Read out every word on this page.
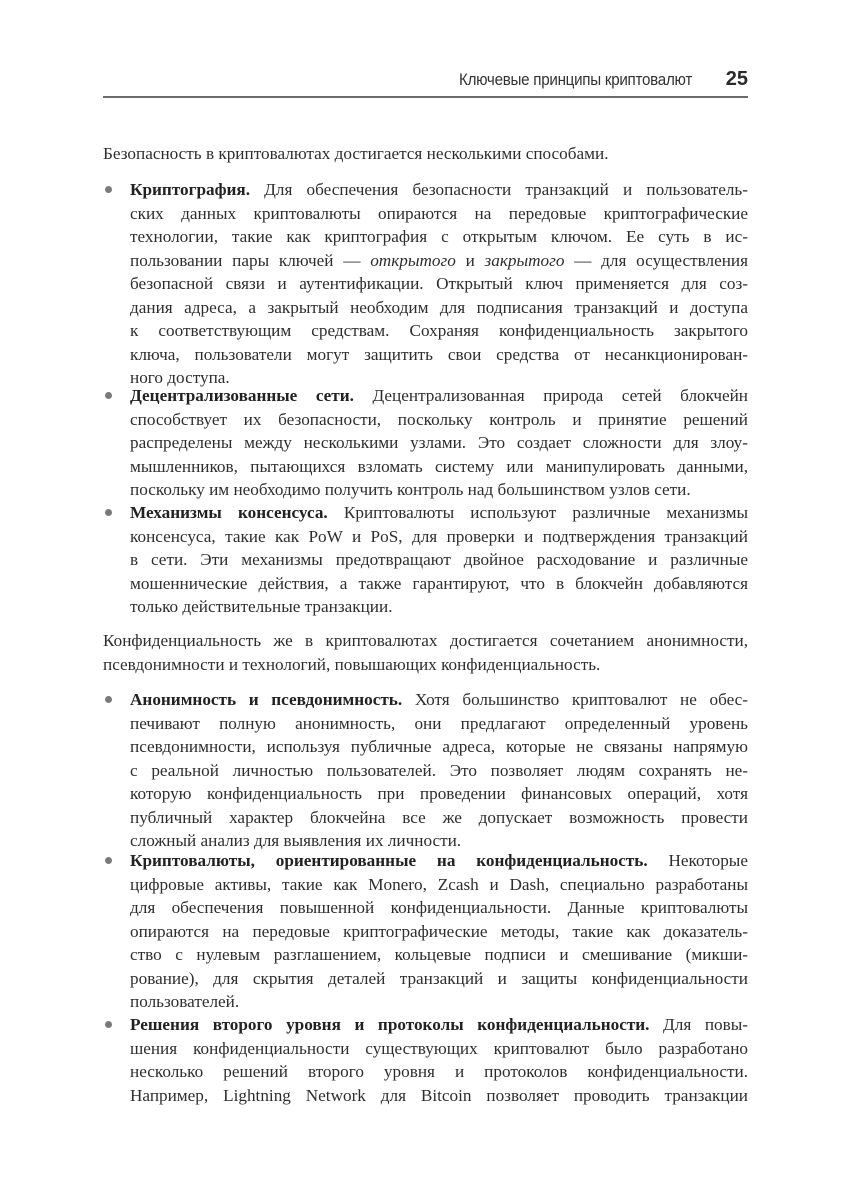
Ключевые принципы криптовалют	25
Безопасность в криптовалютах достигается несколькими способами.
Криптография. Для обеспечения безопасности транзакций и пользователь-
ских данных криптовалюты опираются на передовые криптографические
технологии, такие как криптография с открытым ключом. Ее суть в ис-
пользовании пары ключей — открытого и закрытого — для осуществления
безопасной связи и аутентификации. Открытый ключ применяется для соз-
дания адреса, а закрытый необходим для подписания транзакций и доступа
к соответствующим средствам. Сохраняя конфиденциальность закрытого
ключа, пользователи могут защитить свои средства от несанкционирован-
ного доступа.
Децентрализованные сети. Децентрализованная природа сетей блокчейн
способствует их безопасности, поскольку контроль и принятие решений
распределены между несколькими узлами. Это создает сложности для злоу-
мышленников, пытающихся взломать систему или манипулировать данными,
поскольку им необходимо получить контроль над большинством узлов сети.
Механизмы консенсуса. Криптовалюты используют различные механизмы
консенсуса, такие как PoW и PoS, для проверки и подтверждения транзакций
в сети. Эти механизмы предотвращают двойное расходование и различные
мошеннические действия, а также гарантируют, что в блокчейн добавляются
только действительные транзакции.
Конфиденциальность же в криптовалютах достигается сочетанием анонимности,
псевдонимности и технологий, повышающих конфиденциальность.
Анонимность и псевдонимность. Хотя большинство криптовалют не обес-
печивают полную анонимность, они предлагают определенный уровень
псевдонимности, используя публичные адреса, которые не связаны напрямую
с реальной личностью пользователей. Это позволяет людям сохранять не-
которую конфиденциальность при проведении финансовых операций, хотя
публичный характер блокчейна все же допускает возможность провести
сложный анализ для выявления их личности.
Криптовалюты, ориентированные на конфиденциальность. Некоторые
цифровые активы, такие как Monero, Zcash и Dash, специально разработаны
для обеспечения повышенной конфиденциальности. Данные криптовалюты
опираются на передовые криптографические методы, такие как доказатель-
ство с нулевым разглашением, кольцевые подписи и смешивание (микши-
рование), для скрытия деталей транзакций и защиты конфиденциальности
пользователей.
Решения второго уровня и протоколы конфиденциальности. Для повы-
шения конфиденциальности существующих криптовалют было разработано
несколько решений второго уровня и протоколов конфиденциальности.
Например, Lightning Network для Bitcoin позволяет проводить транзакции
